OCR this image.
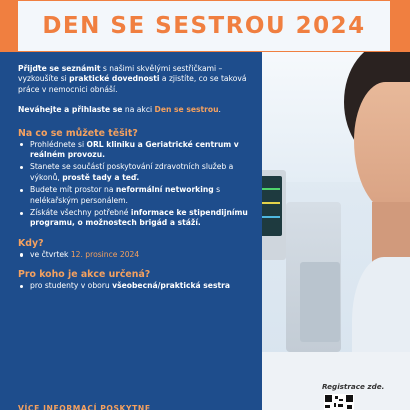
DEN SE SESTROU 2024
Registrace zde.

Přijďte se seznámit s našimi skvělými sestřičkami – vyzkoušíte si praktické dovednosti a zjistíte, co se taková práce v nemocnici obnáší.

Neváhejte a přihlaste se na akci Den se sestrou.

Na co se můžete těšit?

Prohlédnete si ORL kliniku a Geriatrické centrum v reálném provozu.
Stanete se součástí poskytování zdravotních služeb a výkonů, prostě tady a teď.
Budete mít prostor na neformální networking s nelékařským personálem.
Získáte všechny potřebné informace ke stipendijnímu programu, o možnostech brigád a stáží.

Kdy?

ve čtvrtek 12. prosince 2024

Pro koho je akce určená?

pro studenty v oboru všeobecná/praktická sestra
VÍCE INFORMACÍ POSKYTNE
